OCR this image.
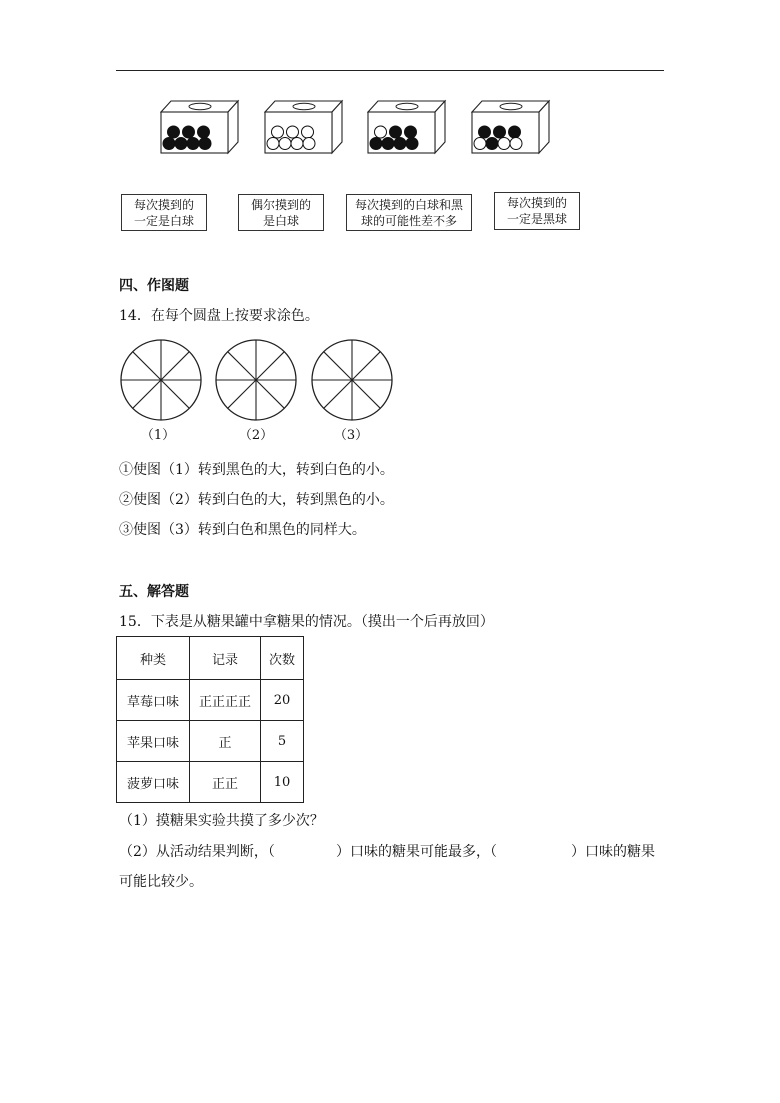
每次摸到的
一定是白球
偶尔摸到的
是白球
每次摸到的白球和黑
球的可能性差不多
每次摸到的
一定是黑球
四、作图题
14．在每个圆盘上按要求涂色。
（1）	（2）	（3）
①使图（1）转到黑色的大，转到白色的小。
②使图（2）转到白色的大，转到黑色的小。
③使图（3）转到白色和黑色的同样大。
五、解答题
15．下表是从糖果罐中拿糖果的情况。（摸出一个后再放回）
种类	记录	次数
草莓口味	正正正正	20
苹果口味	正	5
菠萝口味	正正	10
（1）摸糖果实验共摸了多少次？
（2）从活动结果判断，（	）口味的糖果可能最多，（	）口味的糖果
可能比较少。
